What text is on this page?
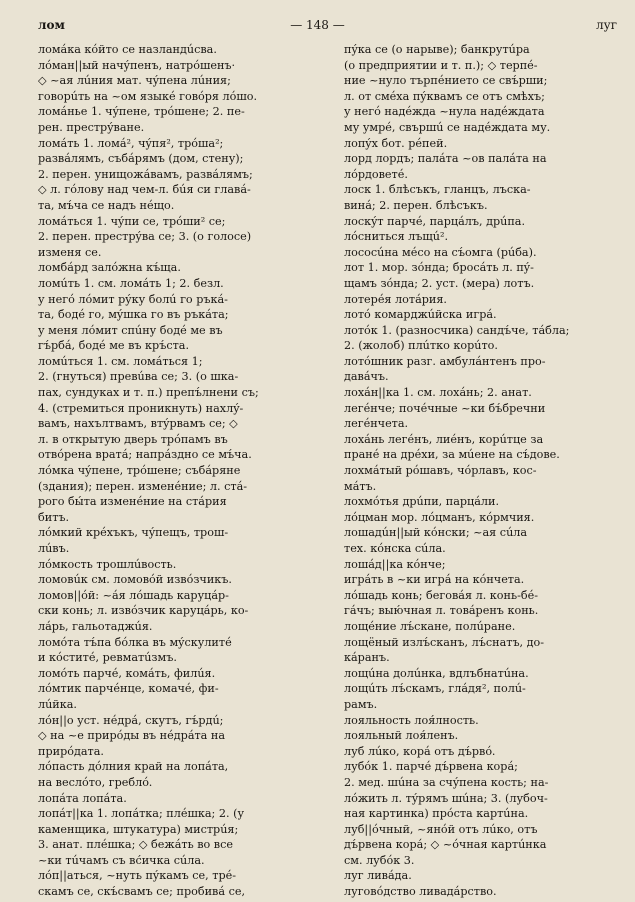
лом	— 148 —	луг
ломáка кóйто се назландúсва.
лóман||ый начýпенъ, натрóшенъ·
◇ ~ая лúния мат. чýпена лúния;
говорúть на ~ом языкé говóря лóшо.
ломáнье 1. чýпене, трóшене; 2. пе-
рен. престрýване.
ломáть 1. ломá², чýпя², трóша²;
развáлямъ, събáрямъ (дом, стену);
2. перен. унищожáвамъ, развáлямъ;
◇ л. гóлову над чем-л. бúя си главá-
та, мъ́ча се надъ нéщо.
ломáться 1. чýпи се, трóши² се;
2. перен. престрýва се; 3. (о голосе)
изменя се.
ломбáрд залóжна къ́ща.
ломúть 1. см. ломáть 1; 2. безл.
у негó лóмит рýку болú го ръкá-
та, бодé го, мýшка го въ ръкáта;
у меня лóмит спúну бодé ме въ
гъ́рбá, бодé ме въ кръ́ста.
ломúться 1. см. ломáться 1;
2. (гнуться) превúва се; 3. (о шка-
пах, сундуках и т. п.) препъ́лнени съ;
4. (стремиться проникнуть) нахлý-
вамъ, нахълтвамъ, втýрвамъ се; ◇
л. в открытую дверь трóпамъ въ
отвóрена вратá; напрáздно се мъ́ча.
лóмка чýпене, трóшене; събáряне
(здания); перен. изменéние; л. стá-
рого бы́та изменéние на стáрия
битъ.
лóмкий крéхъкъ, чýпещъ, трош-
лúвъ.
лóмкость трошлúвость.
ломовúк см. ломовóй извóзчикъ.
ломов||óй: ~áя лóшадь каруцáр-
ски конь; л. извóзчик каруцáрь, ко-
лáрь, гальотаджúя.
ломóта тъ́па бóлка въ мýскулитé
и кóститé, ревматúзмъ.
ломóть парчé, комáть, филúя.
лóмтик парчéнце, комачé, фи-
лúйка.
лóн||о уст. нéдрá, скутъ, гъ́рдú;
◇ на ~е прирóды въ нéдрáта на
прирóдата.
лóпасть дóлния край на лопáта,
на веслóто, греблó.
лопáта лопáта.
лопáт||ка 1. лопáтка; плéшка; 2. (у
каменщика, штукатура) мистрúя;
3. анат. плéшка; ◇ бежáть во все
~ки тúчамъ съ вс́ичка сúла.
лóп||аться, ~нуть пýкамъ се, трé-
скамъ се, скъ́свамъ се; пробивá се,
пýка се (о нарыве); банкрутúра
(о предприятии и т. п.); ◇ терпé-
ние ~нуло търпéнието се свъ́рши;
л. от смéха пýквамъ се отъ смѣхъ;
у негó надéжда ~нула надéждата
му умрé, свършú се надéждата му.
лопýх бот. рéпей.
лорд лордъ; палáта ~ов палáта на
лóрдоветé.
лоск 1. блѣсъкъ, гланцъ, лъска-
винá; 2. перен. блѣсъкъ.
лоскýт парчé, парцáлъ, дрúпа.
лóсниться лъщú².
лососúна мéсо на съ́омга (рúба).
лот 1. мор. зóнда; бросáть л. пý-
щамъ зóнда; 2. уст. (мера) лотъ.
лотерéя лотáрия.
лотó комарджúйска игрá.
лотóк 1. (разносчика) сандъ́че, тáбла;
2. (жолоб) плúтко корúто.
лотóшник разг. амбулáнтенъ про-
давáчъ.
лохáн||ка 1. см. лохáнь; 2. анат.
легéнче; почéчные ~ки бъ́бречни
легéнчета.
лохáнь легéнъ, лиéнъ, корúтце за
пранé на дрéхи, за мúене на съ́дове.
лохмáтый рóшавъ, чóрлавъ, кос-
мáтъ.
лохмóтья дрúпи, парцáли.
лóцман мор. лóцманъ, кóрмчия.
лошадúн||ый кóнски; ~ая сúла
тех. кóнска сúла.
лошáд||ка кóнче;
игрáть в ~ки игрá на кóнчета.
лóшадь конь; беговáя л. конь-бé-
гáчъ; выю́чная л. товáренъ конь.
лощéние лъ́скане, полúране.
лощёный излъ́сканъ, лъ́снатъ, до-
кáранъ.
лощúна долúнка, вдлъбнатúна.
лощúть лъ́скамъ, глáдя², полú-
рамъ.
лояльность лоя́лность.
лояльный лоя́ленъ.
луб лúко, корá отъ дъ́рвó.
лубóк 1. парчé дъ́рвена корá;
2. мед. шúна за счýпена кость; на-
лóжить л. тýрямъ шúна; 3. (лубоч-
ная картинка) прóста картúна.
луб||óчный, ~янóй отъ лúко, отъ
дъ́рвена корá; ◇ ~óчная картúнка
см. лубóк 3.
луг ливáда.
луговóдство ливадáрство.
